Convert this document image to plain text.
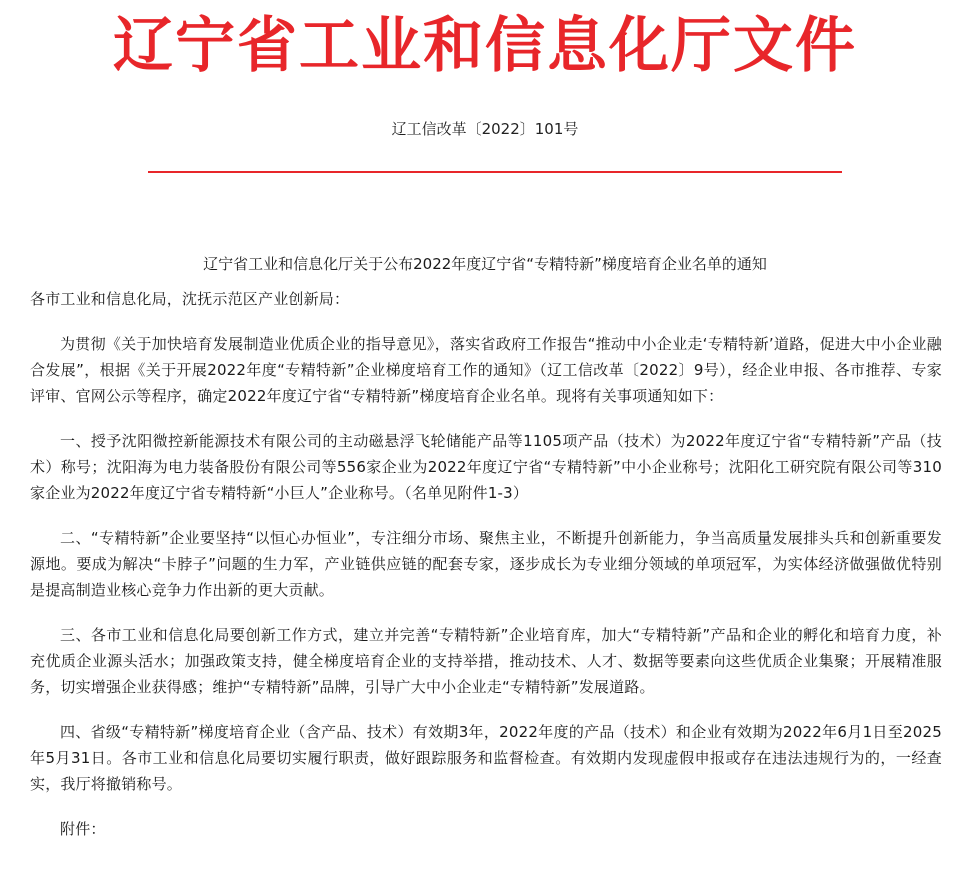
辽宁省工业和信息化厅文件
辽工信改革〔2022〕101号
辽宁省工业和信息化厅关于公布2022年度辽宁省“专精特新”梯度培育企业名单的通知

各市工业和信息化局，沈抚示范区产业创新局：

为贯彻《关于加快培育发展制造业优质企业的指导意见》，落实省政府工作报告“推动中小企业走‘专精特新’道路，促进大中小企业融合发展”，根据《关于开展2022年度“专精特新”企业梯度培育工作的通知》（辽工信改革〔2022〕9号），经企业申报、各市推荐、专家评审、官网公示等程序，确定2022年度辽宁省“专精特新”梯度培育企业名单。现将有关事项通知如下：

一、授予沈阳微控新能源技术有限公司的主动磁悬浮飞轮储能产品等1105项产品（技术）为2022年度辽宁省“专精特新”产品（技术）称号；沈阳海为电力装备股份有限公司等556家企业为2022年度辽宁省“专精特新”中小企业称号；沈阳化工研究院有限公司等310家企业为2022年度辽宁省专精特新“小巨人”企业称号。（名单见附件1-3）

二、“专精特新”企业要坚持“以恒心办恒业”，专注细分市场、聚焦主业，不断提升创新能力，争当高质量发展排头兵和创新重要发源地。要成为解决“卡脖子”问题的生力军，产业链供应链的配套专家，逐步成长为专业细分领域的单项冠军，为实体经济做强做优特别是提高制造业核心竞争力作出新的更大贡献。

三、各市工业和信息化局要创新工作方式，建立并完善“专精特新”企业培育库，加大“专精特新”产品和企业的孵化和培育力度，补充优质企业源头活水；加强政策支持，健全梯度培育企业的支持举措，推动技术、人才、数据等要素向这些优质企业集聚；开展精准服务，切实增强企业获得感；维护“专精特新”品牌，引导广大中小企业走“专精特新”发展道路。

四、省级“专精特新”梯度培育企业（含产品、技术）有效期3年，2022年度的产品（技术）和企业有效期为2022年6月1日至2025年5月31日。各市工业和信息化局要切实履行职责，做好跟踪服务和监督检查。有效期内发现虚假申报或存在违法违规行为的，一经查实，我厅将撤销称号。

附件：
